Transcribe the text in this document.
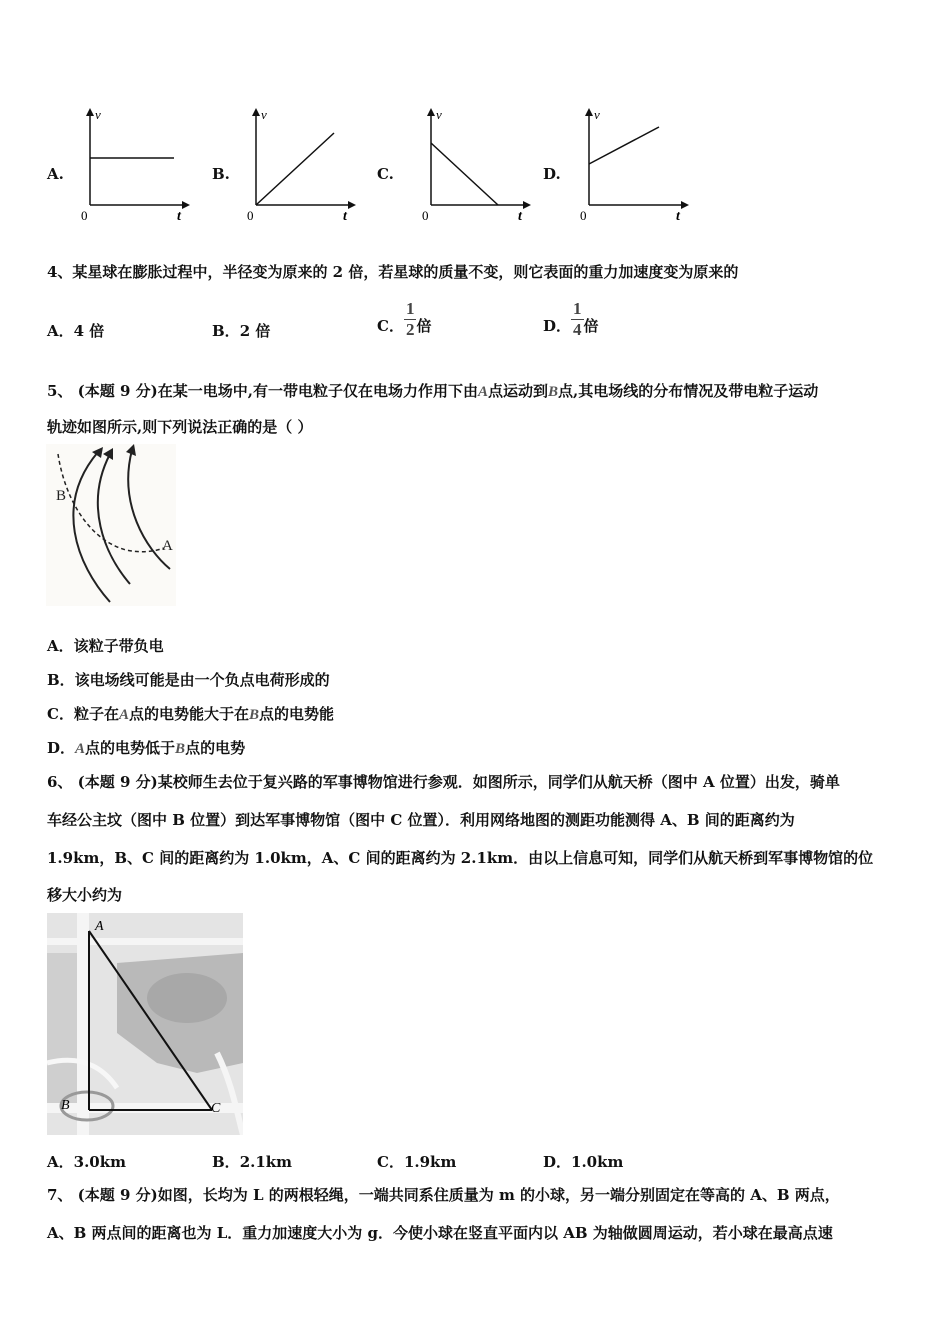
A.
v
t
0
B.
v
t
0
C.
v
t
0
D.
v
t
0
4、某星球在膨胀过程中，半径变为原来的 2 倍，若星球的质量不变，则它表面的重力加速度变为原来的
A．4 倍	B．2 倍	C． $\frac{1}{2}$ 倍	D． $\frac{1}{4}$ 倍
5、 (本题 9 分)在某一电场中,有一带电粒子仅在电场力作用下由A点运动到B点,其电场线的分布情况及带电粒子运动
轨迹如图所示,则下列说法正确的是（ ）
B
A
A．该粒子带负电
B．该电场线可能是由一个负点电荷形成的
C．粒子在A点的电势能大于在B点的电势能
D．A点的电势低于B点的电势
6、 (本题 9 分)某校师生去位于复兴路的军事博物馆进行参观．如图所示，同学们从航天桥（图中 A 位置）出发，骑单
车经公主坟（图中 B 位置）到达军事博物馆（图中 C 位置）．利用网络地图的测距功能测得 A、B 间的距离约为
1.9km，B、C 间的距离约为 1.0km，A、C 间的距离约为 2.1km．由以上信息可知，同学们从航天桥到军事博物馆的位
移大小约为
A
B	C
A．3.0km	B．2.1km	C．1.9km	D．1.0km
7、 (本题 9 分)如图，长均为 L 的两根轻绳，一端共同系住质量为 m 的小球，另一端分别固定在等高的 A、B 两点，
A、B 两点间的距离也为 L．重力加速度大小为 g．今使小球在竖直平面内以 AB 为轴做圆周运动，若小球在最高点速
